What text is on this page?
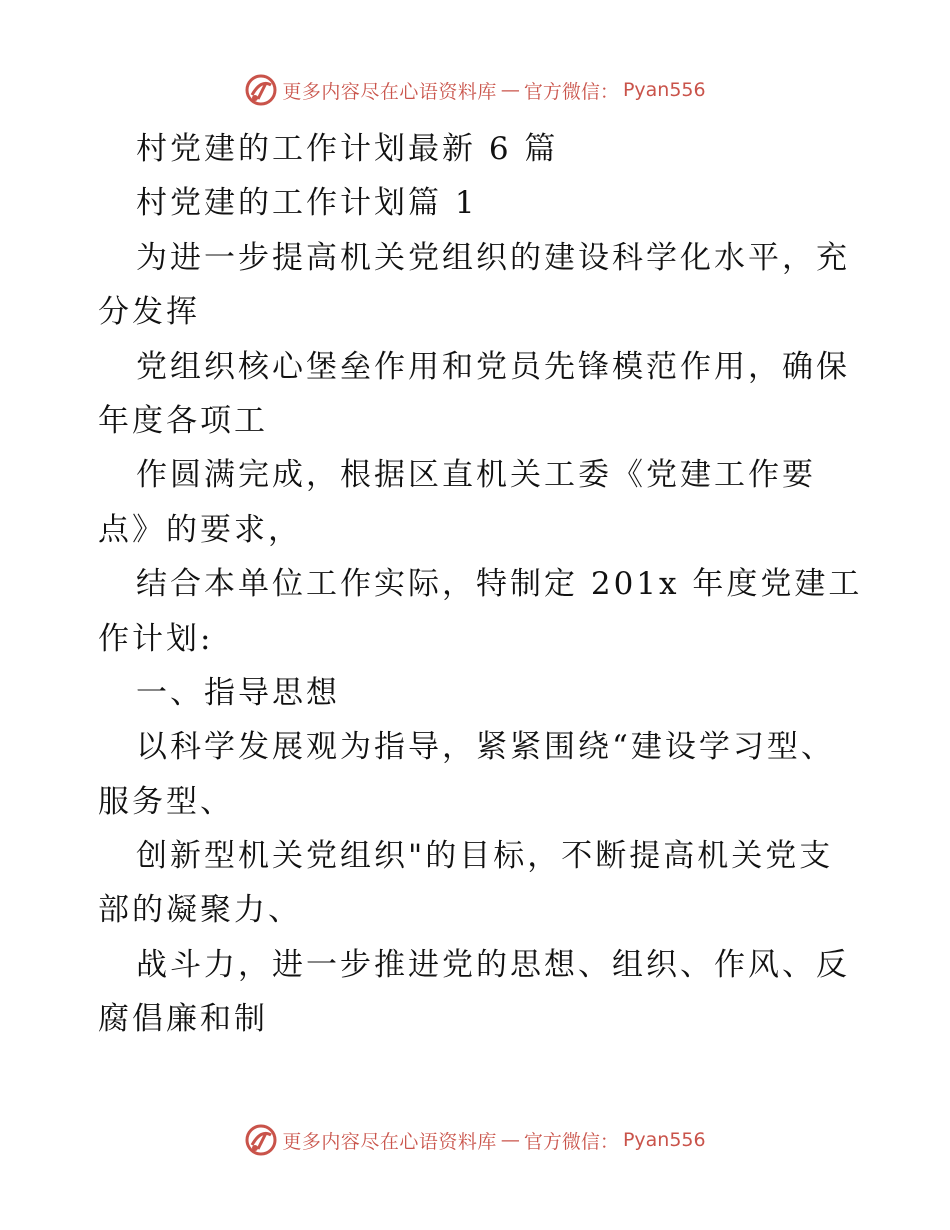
更多内容尽在心语资料库 — 官方微信： Pyan556
村党建的工作计划最新 6 篇
村党建的工作计划篇 1
为进一步提高机关党组织的建设科学化水平，充
分发挥
党组织核心堡垒作用和党员先锋模范作用，确保
年度各项工
作圆满完成，根据区直机关工委《党建工作要
点》的要求，
结合本单位工作实际，特制定 201x 年度党建工
作计划:
一、指导思想
以科学发展观为指导，紧紧围绕“建设学习型、
服务型、
创新型机关党组织"的目标，不断提高机关党支
部的凝聚力、
战斗力，进一步推进党的思想、组织、作风、反
腐倡廉和制
更多内容尽在心语资料库 — 官方微信： Pyan556
